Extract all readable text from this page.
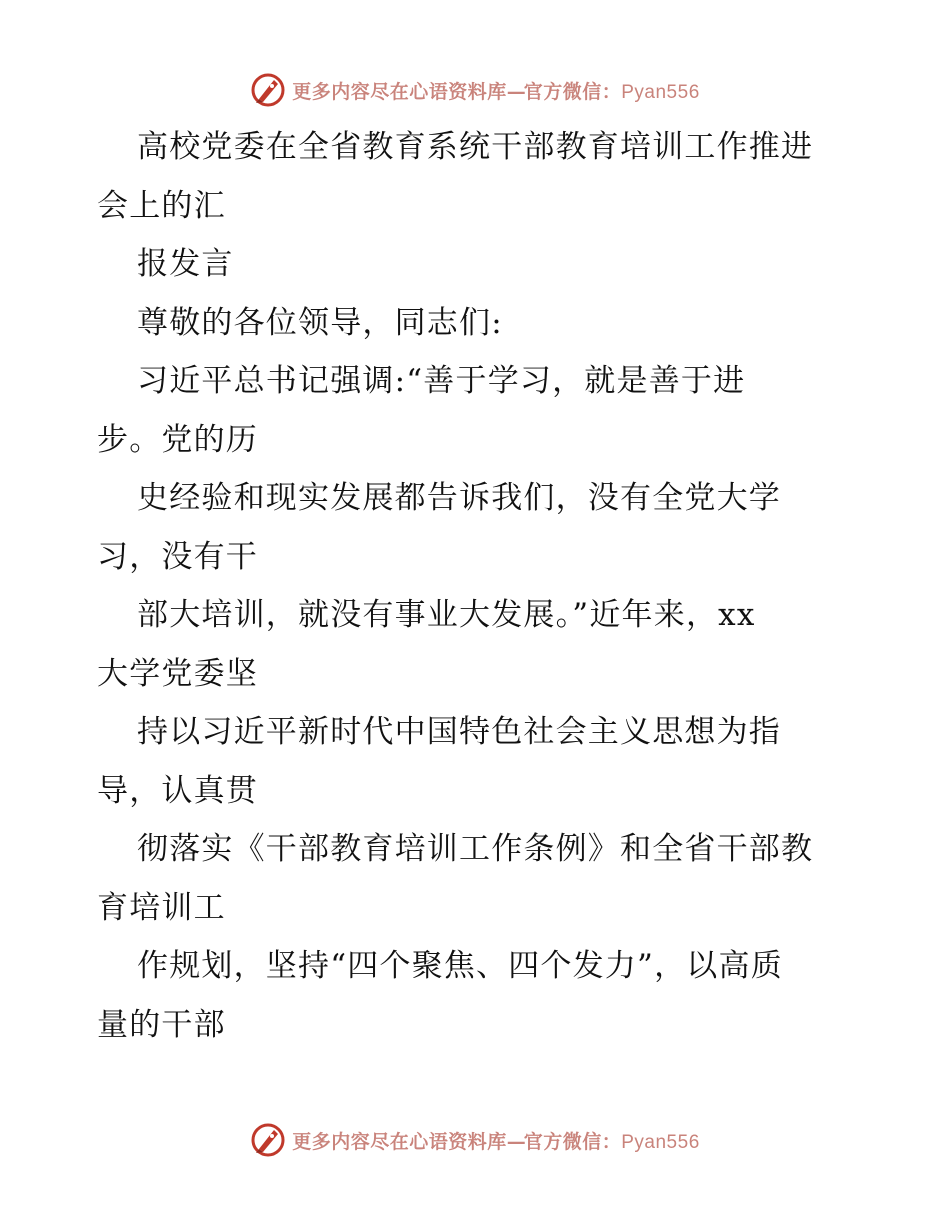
更多内容尽在心语资料库—官方微信：Pyan556
高校党委在全省教育系统干部教育培训工作推进
会上的汇
报发言
尊敬的各位领导，同志们:
习近平总书记强调:“善于学习，就是善于进
步。党的历
史经验和现实发展都告诉我们，没有全党大学
习，没有干
部大培训，就没有事业大发展。”近年来，xx
大学党委坚
持以习近平新时代中国特色社会主义思想为指
导，认真贯
彻落实《干部教育培训工作条例》和全省干部教
育培训工
作规划，坚持“四个聚焦、四个发力”，以高质
量的干部
更多内容尽在心语资料库—官方微信：Pyan556
